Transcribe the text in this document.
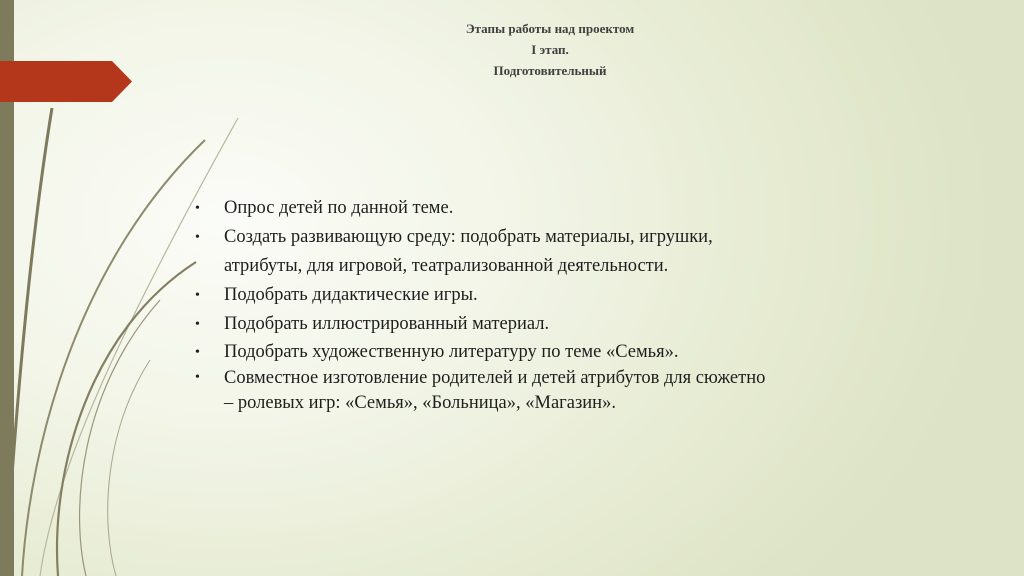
Этапы работы над проектом
I этап.
Подготовительный
• Опрос детей по данной теме.
• Создать развивающую среду: подобрать материалы, игрушки, атрибуты, для игровой, театрализованной деятельности.
• Подобрать дидактические игры.
• Подобрать иллюстрированный материал.
• Подобрать художественную литературу по теме «Семья».
• Совместное изготовление родителей и детей атрибутов для сюжетно – ролевых игр: «Семья», «Больница», «Магазин».
